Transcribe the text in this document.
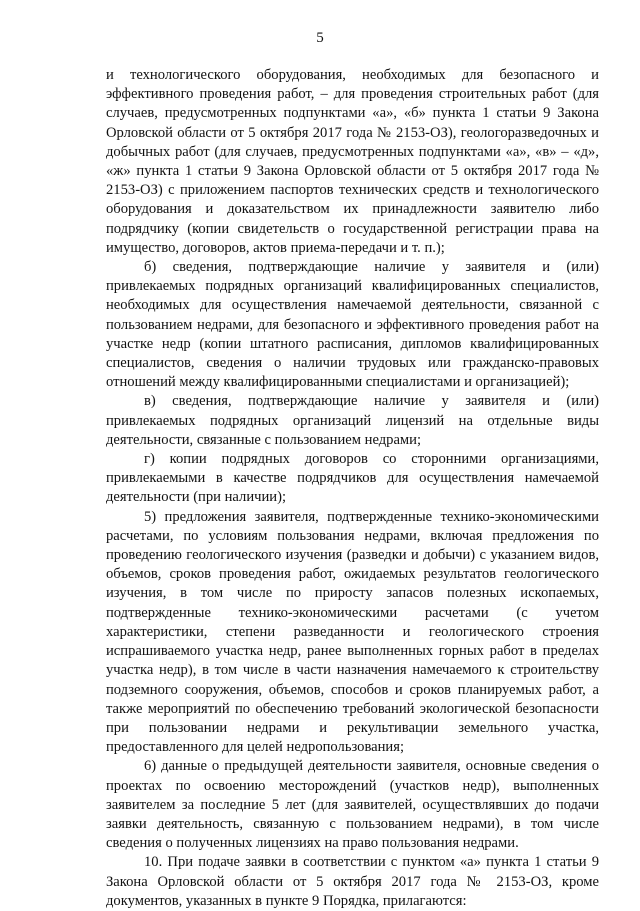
5

и технологического оборудования, необходимых для безопасного и эффективного проведения работ, – для проведения строительных работ (для случаев, предусмотренных подпунктами «а», «б» пункта 1 статьи 9 Закона Орловской области от 5 октября 2017 года № 2153-ОЗ), геологоразведочных и добычных работ (для случаев, предусмотренных подпунктами «а», «в» – «д», «ж» пункта 1 статьи 9 Закона Орловской области от 5 октября 2017 года № 2153-ОЗ) с приложением паспортов технических средств и технологического оборудования и доказательством их принадлежности заявителю либо подрядчику (копии свидетельств о государственной регистрации права на имущество, договоров, актов приема-передачи и т. п.);

б) сведения, подтверждающие наличие у заявителя и (или) привлекаемых подрядных организаций квалифицированных специалистов, необходимых для осуществления намечаемой деятельности, связанной с пользованием недрами, для безопасного и эффективного проведения работ на участке недр (копии штатного расписания, дипломов квалифицированных специалистов, сведения о наличии трудовых или гражданско-правовых отношений между квалифицированными специалистами и организацией);

в) сведения, подтверждающие наличие у заявителя и (или) привлекаемых подрядных организаций лицензий на отдельные виды деятельности, связанные с пользованием недрами;

г) копии подрядных договоров со сторонними организациями, привлекаемыми в качестве подрядчиков для осуществления намечаемой деятельности (при наличии);

5) предложения заявителя, подтвержденные технико-экономическими расчетами, по условиям пользования недрами, включая предложения по проведению геологического изучения (разведки и добычи) с указанием видов, объемов, сроков проведения работ, ожидаемых результатов геологического изучения, в том числе по приросту запасов полезных ископаемых, подтвержденные технико-экономическими расчетами (с учетом характеристики, степени разведанности и геологического строения испрашиваемого участка недр, ранее выполненных горных работ в пределах участка недр), в том числе в части назначения намечаемого к строительству подземного сооружения, объемов, способов и сроков планируемых работ, а также мероприятий по обеспечению требований экологической безопасности при пользовании недрами и рекультивации земельного участка, предоставленного для целей недропользования;

6) данные о предыдущей деятельности заявителя, основные сведения о проектах по освоению месторождений (участков недр), выполненных заявителем за последние 5 лет (для заявителей, осуществлявших до подачи заявки деятельность, связанную с пользованием недрами), в том числе сведения о полученных лицензиях на право пользования недрами.

10. При подаче заявки в соответствии с пунктом «а» пункта 1 статьи 9 Закона Орловской области от 5 октября 2017 года № 2153-ОЗ, кроме документов, указанных в пункте 9 Порядка, прилагаются:
